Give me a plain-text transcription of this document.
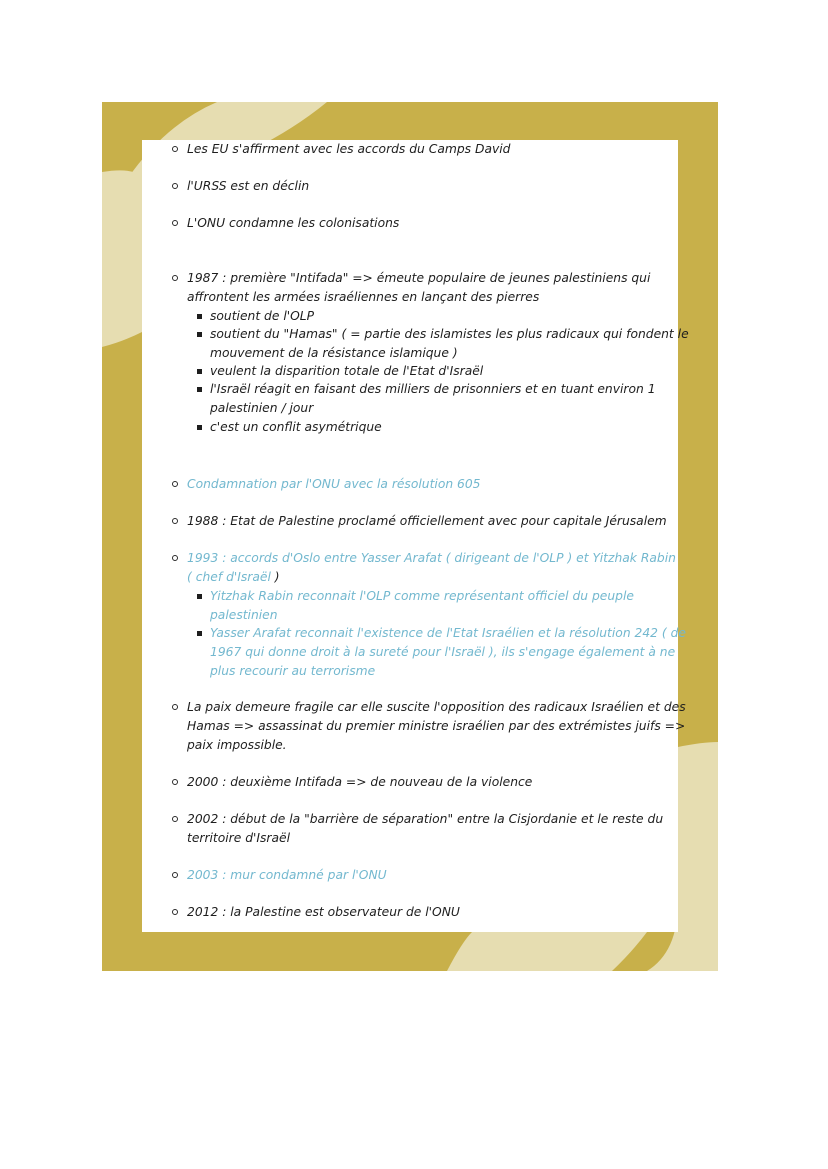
Les EU s'affirment avec les accords du Camps David
l'URSS est en déclin
L'ONU condamne les colonisations
1987 : première "Intifada" => émeute populaire de jeunes palestiniens qui
affrontent les armées israéliennes en lançant des pierres
soutient de l'OLP
soutient du "Hamas" ( = partie des islamistes les plus radicaux qui fondent le
mouvement de la résistance islamique )
veulent la disparition totale de l'Etat d'Israël
l'Israël réagit en faisant des milliers de prisonniers et en tuant environ 1
palestinien / jour
c'est un conflit asymétrique
Condamnation par l'ONU avec la résolution 605
1988 : Etat de Palestine proclamé officiellement avec pour capitale Jérusalem
1993 : accords d'Oslo entre Yasser Arafat ( dirigeant de l'OLP ) et Yitzhak Rabin
( chef d'Israël )
Yitzhak Rabin reconnait l'OLP comme représentant officiel du peuple
palestinien
Yasser Arafat reconnait l'existence de l'Etat Israélien et la résolution 242 ( de
1967 qui donne droit à la sureté pour l'Israël ), ils s'engage également à ne
plus recourir au terrorisme
La paix demeure fragile car elle suscite l'opposition des radicaux Israélien et des
Hamas => assassinat du premier ministre israélien par des extrémistes juifs =>
paix impossible.
2000 : deuxième Intifada => de nouveau de la violence
2002 : début de la "barrière de séparation" entre la Cisjordanie et le reste du
territoire d'Israël
2003 : mur condamné par l'ONU
2012 : la Palestine est observateur de l'ONU
